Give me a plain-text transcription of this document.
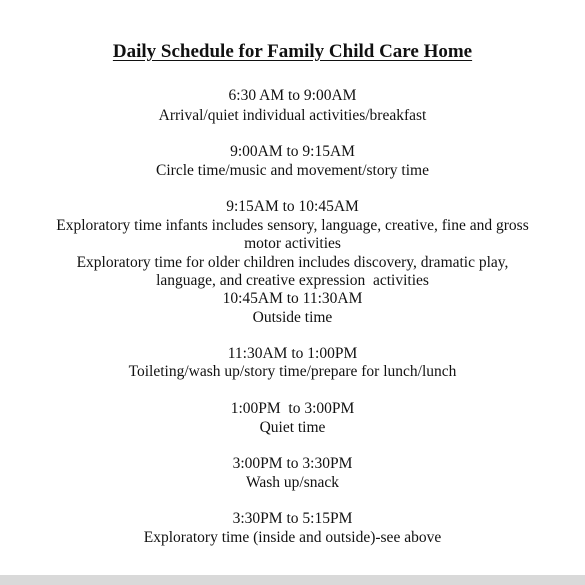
Daily Schedule for Family Child Care Home
6:30 AM to 9:00AM
Arrival/quiet individual activities/breakfast
9:00AM to 9:15AM
Circle time/music and movement/story time
9:15AM to 10:45AM
Exploratory time infants includes sensory, language, creative, fine and gross
motor activities
Exploratory time for older children includes discovery, dramatic play,
language, and creative expression  activities
10:45AM to 11:30AM
Outside time
11:30AM to 1:00PM
Toileting/wash up/story time/prepare for lunch/lunch
1:00PM  to 3:00PM
Quiet time
3:00PM to 3:30PM
Wash up/snack
3:30PM to 5:15PM
Exploratory time (inside and outside)-see above
